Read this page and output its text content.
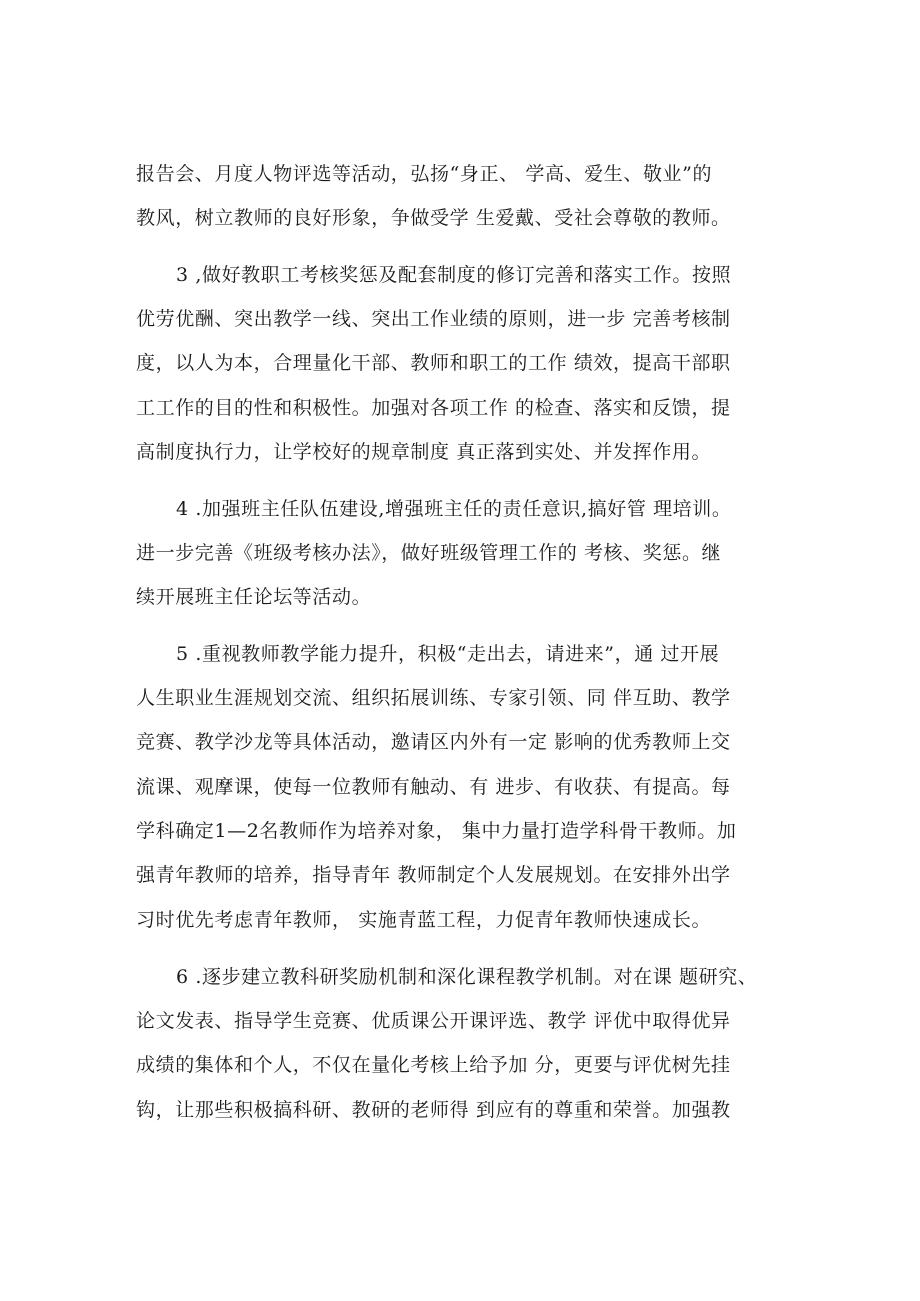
报告会、月度人物评选等活动，弘扬“身正、 学高、爱生、敬业”的
教风，树立教师的良好形象，争做受学 生爱戴、受社会尊敬的教师。
3 ,做好教职工考核奖惩及配套制度的修订完善和落实工作。按照
优劳优酬、突出教学一线、突出工作业绩的原则，进一步 完善考核制
度，以人为本，合理量化干部、教师和职工的工作 绩效，提高干部职
工工作的目的性和积极性。加强对各项工作 的检查、落实和反馈，提
高制度执行力，让学校好的规章制度 真正落到实处、并发挥作用。
4 .加强班主任队伍建设,增强班主任的责任意识,搞好管 理培训。
进一步完善《班级考核办法》，做好班级管理工作的 考核、奖惩。继
续开展班主任论坛等活动。
5 .重视教师教学能力提升，积极“走出去，请进来”，通 过开展
人生职业生涯规划交流、组织拓展训练、专家引领、同 伴互助、教学
竞赛、教学沙龙等具体活动，邀请区内外有一定 影响的优秀教师上交
流课、观摩课，使每一位教师有触动、有 进步、有收获、有提高。每
学科确定1—2名教师作为培养对象， 集中力量打造学科骨干教师。加
强青年教师的培养，指导青年 教师制定个人发展规划。在安排外出学
习时优先考虑青年教师， 实施青蓝工程，力促青年教师快速成长。
6 .逐步建立教科研奖励机制和深化课程教学机制。对在课 题研究、
论文发表、指导学生竞赛、优质课公开课评选、教学 评优中取得优异
成绩的集体和个人，不仅在量化考核上给予加 分，更要与评优树先挂
钩，让那些积极搞科研、教研的老师得 到应有的尊重和荣誉。加强教
